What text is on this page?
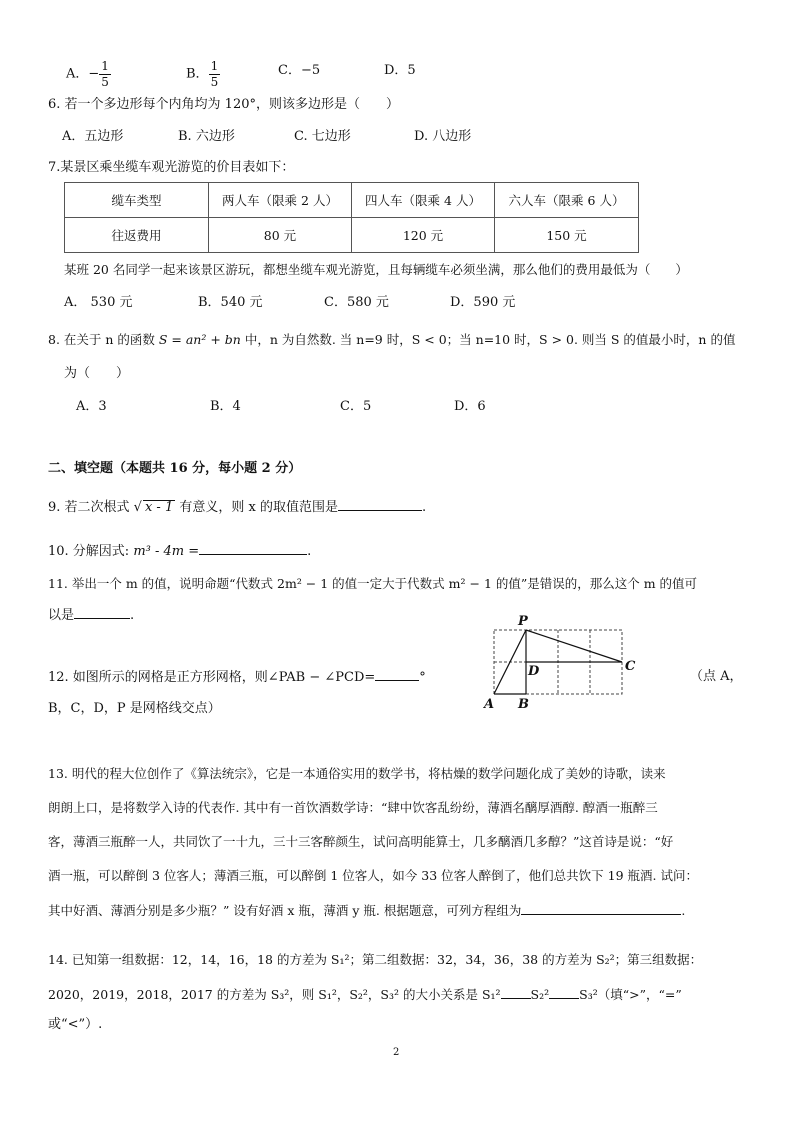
A．− $\frac{1}{5}$	B． $\frac{1}{5}$	C．−5	D．5
6. 若一个多边形每个内角均为 120°，则该多边形是（　　）
A．五边形	B. 六边形	C. 七边形	D. 八边形
7.某景区乘坐缆车观光游览的价目表如下：
缆车类型	两人车（限乘 2 人）	四人车（限乘 4 人）	六人车（限乘 6 人）
往返费用	80 元	120 元	150 元
某班 20 名同学一起来该景区游玩，都想坐缆车观光游览，且每辆缆车必须坐满，那么他们的费用最低为（　　）
A． 530 元	B．540 元	C．580 元	D．590 元
8. 在关于 n 的函数 S = an² + bn 中，n 为自然数. 当 n=9 时，S < 0；当 n=10 时，S > 0. 则当 S 的值最小时，n 的值
为（　　）
A．3	B．4	C．5	D．6
二、填空题（本题共 16 分，每小题 2 分）
9. 若二次根式 √ x - 1 有意义，则 x 的取值范围是	.
10. 分解因式: m³ - 4m =	.
11. 举出一个 m 的值，说明命题“代数式 2m² − 1 的值一定大于代数式 m² − 1 的值”是错误的，那么这个 m 的值可
以是	.
12. 如图所示的网格是正方形网格，则∠PAB − ∠PCD=	°	（点 A，
B，C，D，P 是网格线交点）
P
D	C
A B
13. 明代的程大位创作了《算法统宗》，它是一本通俗实用的数学书，将枯燥的数学问题化成了美妙的诗歌，读来
朗朗上口，是将数学入诗的代表作. 其中有一首饮酒数学诗：“肆中饮客乱纷纷，薄酒名醨厚酒醇. 醇酒一瓶醉三
客，薄酒三瓶醉一人，共同饮了一十九，三十三客醉颜生，试问高明能算士，几多醨酒几多醇？”这首诗是说：“好
酒一瓶，可以醉倒 3 位客人；薄酒三瓶，可以醉倒 1 位客人，如今 33 位客人醉倒了，他们总共饮下 19 瓶酒. 试问：
其中好酒、薄酒分别是多少瓶？” 设有好酒 x 瓶，薄酒 y 瓶. 根据题意，可列方程组为	.
14. 已知第一组数据：12，14，16，18 的方差为 S₁²；第二组数据：32，34，36，38 的方差为 S₂²；第三组数据：
2020，2019，2018，2017 的方差为 S₃²，则 S₁²，S₂²，S₃² 的大小关系是 S₁² S₂² S₃²（填“>”，“=”
或“<”）.
2
